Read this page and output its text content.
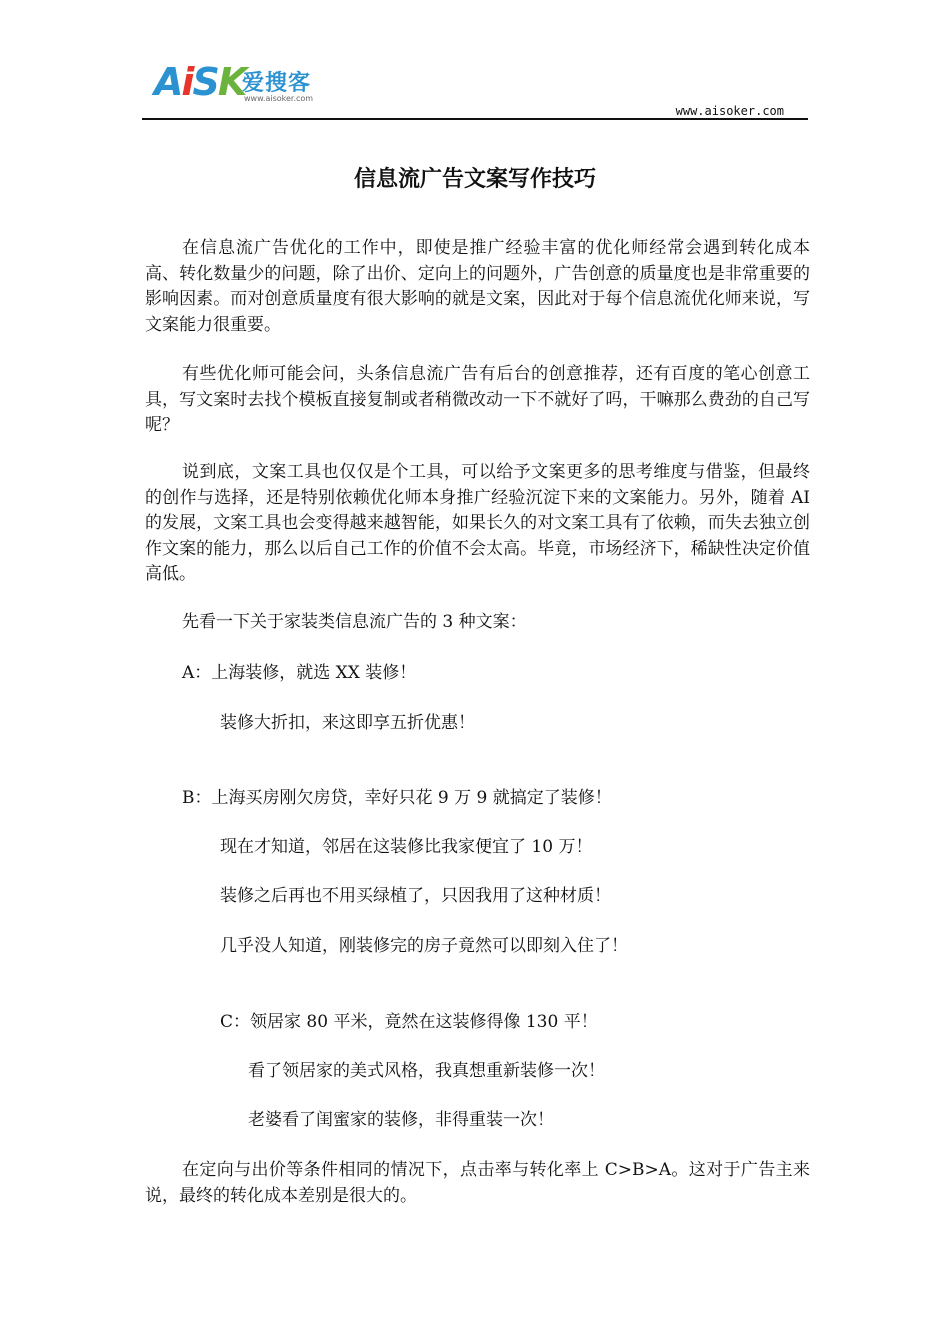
AiSK
爱搜客
www.aisoker.com
www.aisoker.com
信息流广告文案写作技巧

在信息流广告优化的工作中，即使是推广经验丰富的优化师经常会遇到转化成本高、转化数量少的问题，除了出价、定向上的问题外，广告创意的质量度也是非常重要的影响因素。而对创意质量度有很大影响的就是文案，因此对于每个信息流优化师来说，写文案能力很重要。

有些优化师可能会问，头条信息流广告有后台的创意推荐，还有百度的笔心创意工具，写文案时去找个模板直接复制或者稍微改动一下不就好了吗，干嘛那么费劲的自己写呢？

说到底，文案工具也仅仅是个工具，可以给予文案更多的思考维度与借鉴，但最终的创作与选择，还是特别依赖优化师本身推广经验沉淀下来的文案能力。另外，随着 AI 的发展，文案工具也会变得越来越智能，如果长久的对文案工具有了依赖，而失去独立创作文案的能力，那么以后自己工作的价值不会太高。毕竟，市场经济下，稀缺性决定价值高低。

先看一下关于家装类信息流广告的 3 种文案：

A：上海装修，就选 XX 装修！

装修大折扣，来这即享五折优惠！

B：上海买房刚欠房贷，幸好只花 9 万 9 就搞定了装修！

现在才知道，邻居在这装修比我家便宜了 10 万！

装修之后再也不用买绿植了，只因我用了这种材质！

几乎没人知道，刚装修完的房子竟然可以即刻入住了！

C：领居家 80 平米，竟然在这装修得像 130 平！

看了领居家的美式风格，我真想重新装修一次！

老婆看了闺蜜家的装修，非得重装一次！

在定向与出价等条件相同的情况下，点击率与转化率上 C>B>A。这对于广告主来说，最终的转化成本差别是很大的。
